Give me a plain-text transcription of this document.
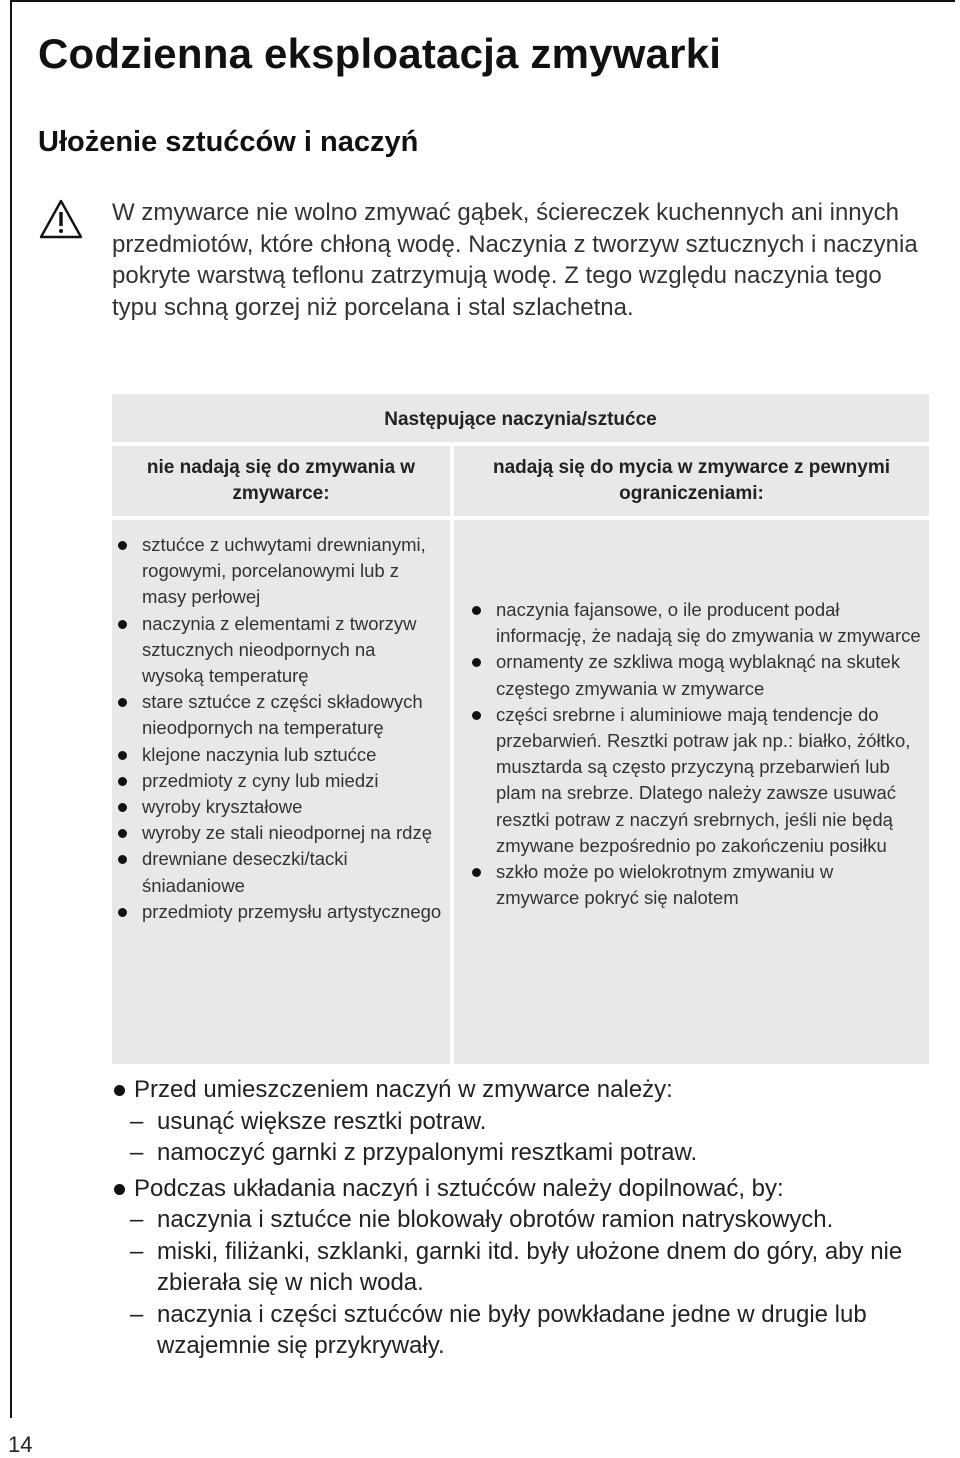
Codzienna eksploatacja zmywarki
Ułożenie sztućców i naczyń

W zmywarce nie wolno zmywać gąbek, ściereczek kuchennych ani innych przedmiotów, które chłoną wodę. Naczynia z tworzyw sztucznych i naczynia pokryte warstwą teflonu zatrzymują wodę. Z tego względu naczynia tego typu schną gorzej niż porcelana i stal szlachetna.

Następujące naczynia/sztućce
nie nadają się do zmywania w zmywarce:
nadają się do mycia w zmywarce z pewnymi ograniczeniami:
sztućce z uchwytami drewnianymi, rogowymi, porcelanowymi lub z masy perłowej
naczynia z elementami z tworzyw sztucznych nieodpornych na wysoką temperaturę
stare sztućce z części składowych nieodpornych na temperaturę
klejone naczynia lub sztućce
przedmioty z cyny lub miedzi
wyroby kryształowe
wyroby ze stali nieodpornej na rdzę
drewniane deseczki/tacki śniadaniowe
przedmioty przemysłu artystycznego
naczynia fajansowe, o ile producent podał informację, że nadają się do zmywania w zmywarce
ornamenty ze szkliwa mogą wyblaknąć na skutek częstego zmywania w zmywarce
części srebrne i aluminiowe mają tendencje do przebarwień. Resztki potraw jak np.: białko, żółtko, musztarda są często przyczyną przebarwień lub plam na srebrze. Dlatego należy zawsze usuwać resztki potraw z naczyń srebrnych, jeśli nie będą zmywane bezpośrednio po zakończeniu posiłku
szkło może po wielokrotnym zmywaniu w zmywarce pokryć się nalotem
Przed umieszczeniem naczyń w zmywarce należy:
– usunąć większe resztki potraw.
– namoczyć garnki z przypalonymi resztkami potraw.
Podczas układania naczyń i sztućców należy dopilnować, by:
– naczynia i sztućce nie blokowały obrotów ramion natryskowych.
– miski, filiżanki, szklanki, garnki itd. były ułożone dnem do góry, aby nie zbierała się w nich woda.
– naczynia i części sztućców nie były powkładane jedne w drugie lub wzajemnie się przykrywały.
14
